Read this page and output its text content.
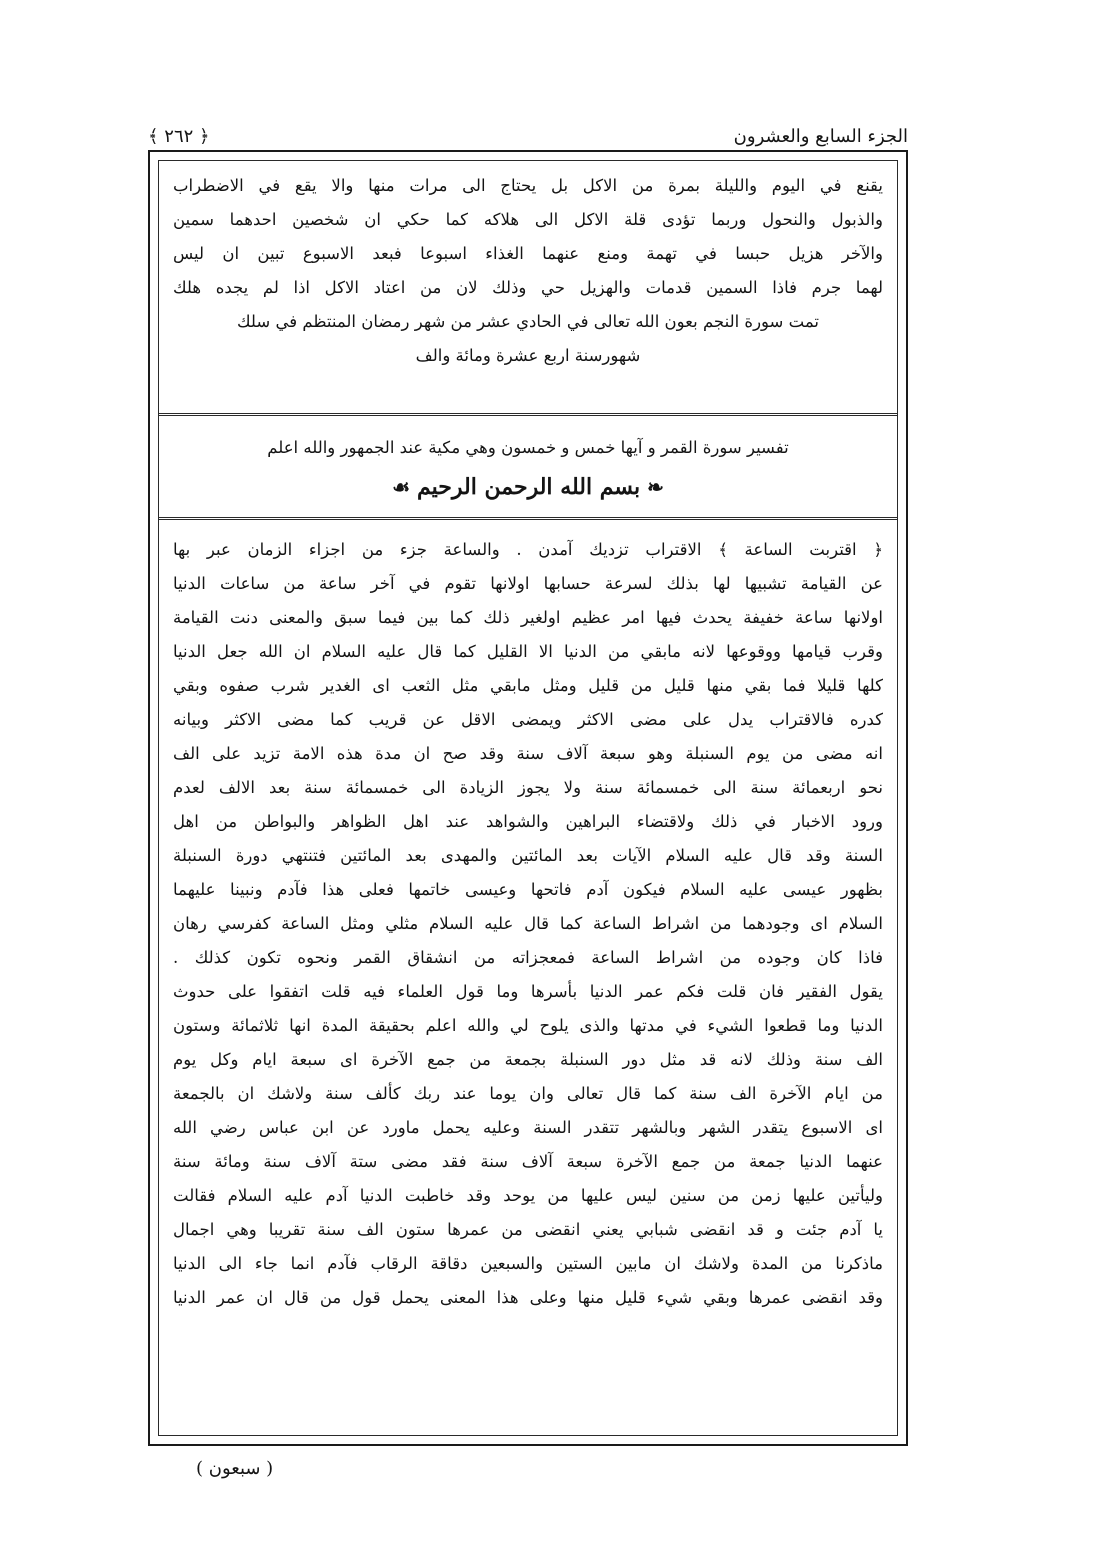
الجزء السابع والعشرون
﴿ ٢٦٢ ﴾
يقنع في اليوم والليلة بمرة من الاكل بل يحتاج الى مرات منها والا يقع في الاضطراب
والذبول والنحول وربما تؤدى قلة الاكل الى هلاكه كما حكي ان شخصين احدهما سمين
والآخر هزيل حبسا في تهمة ومنع عنهما الغذاء اسبوعا فبعد الاسبوع تبين ان ليس
لهما جرم فاذا السمين قدمات والهزيل حي وذلك لان من اعتاد الاكل اذا لم يجده هلك
تمت سورة النجم بعون الله تعالى في الحادي عشر من شهر رمضان المنتظم في سلك
شهورسنة اربع عشرة ومائة والف
تفسير سورة القمر و آيها خمس و خمسون وهي مكية عند الجمهور والله اعلم
❧ بسم الله الرحمن الرحيم ☙
﴿ اقتربت الساعة ﴾ الاقتراب تزديك آمدن . والساعة جزء من اجزاء الزمان عبر بها
عن القيامة تشبيها لها بذلك لسرعة حسابها اولانها تقوم في آخر ساعة من ساعات الدنيا
اولانها ساعة خفيفة يحدث فيها امر عظيم اولغير ذلك كما بين فيما سبق والمعنى دنت القيامة
وقرب قيامها ووقوعها لانه مابقي من الدنيا الا القليل كما قال عليه السلام ان الله جعل الدنيا
كلها قليلا فما بقي منها قليل من قليل ومثل مابقي مثل الثعب اى الغدير شرب صفوه وبقي
كدره فالاقتراب يدل على مضى الاكثر ويمضى الاقل عن قريب كما مضى الاكثر وبيانه
انه مضى من يوم السنبلة وهو سبعة آلاف سنة وقد صح ان مدة هذه الامة تزيد على الف
نحو اربعمائة سنة الى خمسمائة سنة ولا يجوز الزيادة الى خمسمائة سنة بعد الالف لعدم
ورود الاخبار في ذلك ولاقتضاء البراهين والشواهد عند اهل الظواهر والبواطن من اهل
السنة وقد قال عليه السلام الآيات بعد المائتين والمهدى بعد المائتين فتنتهي دورة السنبلة
بظهور عيسى عليه السلام فيكون آدم فاتحها وعيسى خاتمها فعلى هذا فآدم ونبينا عليهما
السلام اى وجودهما من اشراط الساعة كما قال عليه السلام مثلي ومثل الساعة كفرسي رهان
فاذا كان وجوده من اشراط الساعة فمعجزاته من انشقاق القمر ونحوه تكون كذلك .
يقول الفقير فان قلت فكم عمر الدنيا بأسرها وما قول العلماء فيه قلت اتفقوا على حدوث
الدنيا وما قطعوا الشيء في مدتها والذى يلوح لي والله اعلم بحقيقة المدة انها ثلاثمائة وستون
الف سنة وذلك لانه قد مثل دور السنبلة بجمعة من جمع الآخرة اى سبعة ايام وكل يوم
من ايام الآخرة الف سنة كما قال تعالى وان يوما عند ربك كألف سنة ولاشك ان بالجمعة
اى الاسبوع يتقدر الشهر وبالشهر تتقدر السنة وعليه يحمل ماورد عن ابن عباس رضي الله
عنهما الدنيا جمعة من جمع الآخرة سبعة آلاف سنة فقد مضى ستة آلاف سنة ومائة سنة
وليأتين عليها زمن من سنين ليس عليها من يوحد وقد خاطبت الدنيا آدم عليه السلام فقالت
يا آدم جئت و قد انقضى شبابي يعني انقضى من عمرها ستون الف سنة تقريبا وهي اجمال
ماذكرنا من المدة ولاشك ان مابين الستين والسبعين دقاقة الرقاب فآدم انما جاء الى الدنيا
وقد انقضى عمرها وبقي شيء قليل منها وعلى هذا المعنى يحمل قول من قال ان عمر الدنيا
( سبعون )
